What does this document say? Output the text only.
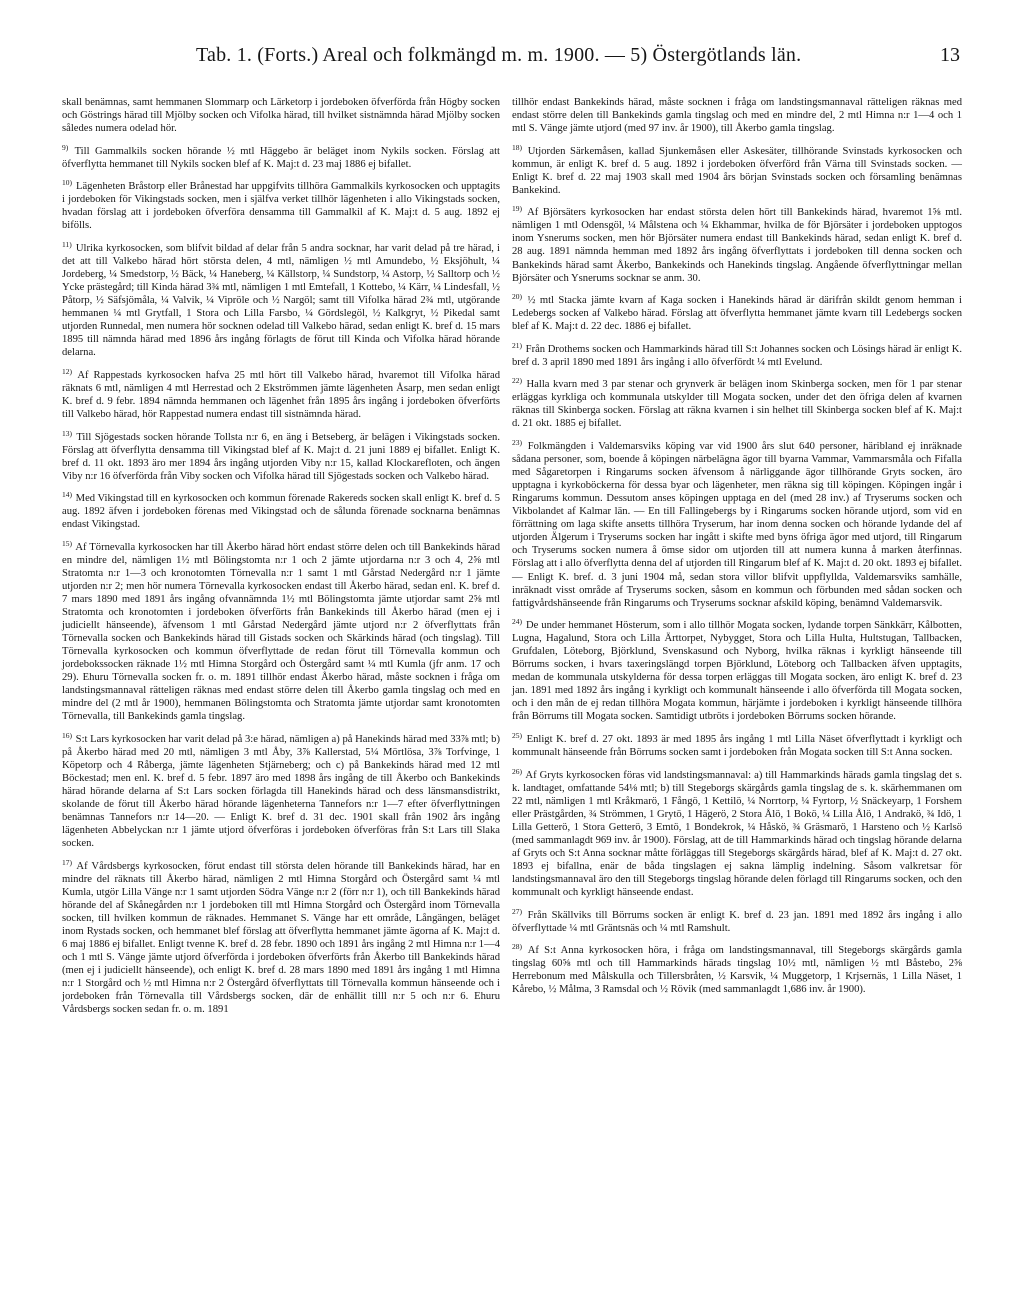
Tab. 1. (Forts.) Areal och folkmängd m. m. 1900. — 5) Östergötlands län.	13

skall benämnas, samt hemmanen Slommarp och Lärketorp i jordeboken öfverförda från Högby socken och Göstrings härad till Mjölby socken och Vifolka härad, till hvilket sistnämnda härad Mjölby socken således numera odelad hör.

$^{9)}$ Till Gammalkils socken hörande ½ mtl Häggebo är beläget inom Nykils socken. Förslag att öfverflytta hemmanet till Nykils socken blef af K. Maj:t d. 23 maj 1886 ej bifallet.

$^{10)}$ Lägenheten Bråstorp eller Brånestad har uppgifvits tillhöra Gammalkils kyrkosocken och upptagits i jordeboken för Vikingstads socken, men i själfva verket tillhör lägenheten i allo Vikingstads socken, hvadan förslag att i jordeboken öfverföra densamma till Gammalkil af K. Maj:t d. 5 aug. 1892 ej bifölls.

$^{11)}$ Ulrika kyrkosocken, som blifvit bildad af delar från 5 andra socknar, har varit delad på tre härad, i det att till Valkebo härad hört största delen, 4 mtl, nämligen ½ mtl Amundebo, ½ Eksjöhult, ¼ Jordeberg, ¼ Smedstorp, ½ Bäck, ¼ Haneberg, ¼ Källstorp, ¼ Sundstorp, ¼ Astorp, ½ Salltorp och ½ Ycke prästegård; till Kinda härad 3¾ mtl, nämligen 1 mtl Emtefall, 1 Kottebo, ¼ Kärr, ¼ Lindesfall, ½ Påtorp, ½ Säfsjömåla, ¼ Valvik, ¼ Vipröle och ½ Nargöl; samt till Vifolka härad 2¾ mtl, utgörande hemmanen ¼ mtl Grytfall, 1 Stora och Lilla Farsbo, ¼ Gördslegöl, ½ Kalkgryt, ½ Pikedal samt utjorden Runnedal, men numera hör socknen odelad till Valkebo härad, sedan enligt K. bref d. 15 mars 1895 till nämnda härad med 1896 års ingång förlagts de förut till Kinda och Vifolka härad hörande delarna.

$^{12)}$ Af Rappestads kyrkosocken hafva 25 mtl hört till Valkebo härad, hvaremot till Vifolka härad räknats 6 mtl, nämligen 4 mtl Herrestad och 2 Ekströmmen jämte lägenheten Åsarp, men sedan enligt K. bref d. 9 febr. 1894 nämnda hemmanen och lägenhet från 1895 års ingång i jordeboken öfverförts till Valkebo härad, hör Rappestad numera endast till sistnämnda härad.

$^{13)}$ Till Sjögestads socken hörande Tollsta n:r 6, en äng i Betseberg, är belägen i Vikingstads socken. Förslag att öfverflytta densamma till Vikingstad blef af K. Maj:t d. 21 juni 1889 ej bifallet. Enligt K. bref d. 11 okt. 1893 äro mer 1894 års ingång utjorden Viby n:r 15, kallad Klockarefloten, och ängen Viby n:r 16 öfverförda från Viby socken och Vifolka härad till Sjögestads socken och Valkebo härad.

$^{14)}$ Med Vikingstad till en kyrkosocken och kommun förenade Rakereds socken skall enligt K. bref d. 5 aug. 1892 äfven i jordeboken förenas med Vikingstad och de sålunda förenade socknarna benämnas endast Vikingstad.

$^{15)}$ Af Törnevalla kyrkosocken har till Åkerbo härad hört endast större delen och till Bankekinds härad en mindre del, nämligen 1½ mtl Bölingstomta n:r 1 och 2 jämte utjordarna n:r 3 och 4, 2⅝ mtl Stratomta n:r 1—3 och kronotomten Törnevalla n:r 1 samt 1 mtl Gårstad Nedergård n:r 1 jämte utjorden n:r 2; men hör numera Törnevalla kyrkosocken endast till Åkerbo härad, sedan enl. K. bref d. 7 mars 1890 med 1891 års ingång ofvannämnda 1½ mtl Bölingstomta jämte utjordar samt 2⅝ mtl Stratomta och kronotomten i jordeboken öfverförts från Bankekinds till Åkerbo härad (men ej i judiciellt hänseende), äfvensom 1 mtl Gårstad Nedergård jämte utjord n:r 2 öfverflyttats från Törnevalla socken och Bankekinds härad till Gistads socken och Skärkinds härad (och tingslag). Till Törnevalla kyrkosocken och kommun öfverflyttade de redan förut till Törnevalla kommun och jordebokssocken räknade 1½ mtl Himna Storgård och Östergård samt ¼ mtl Kumla (jfr anm. 17 och 29). Ehuru Törnevalla socken fr. o. m. 1891 tillhör endast Åkerbo härad, måste socknen i fråga om landstingsmannaval rätteligen räknas med endast större delen till Åkerbo gamla tingslag och med en mindre del (2 mtl år 1900), hemmanen Bölingstomta och Stratomta jämte utjordar samt kronotomten Törnevalla, till Bankekinds gamla tingslag.

$^{16)}$ S:t Lars kyrkosocken har varit delad på 3:e härad, nämligen a) på Hanekinds härad med 33⅞ mtl; b) på Åkerbo härad med 20 mtl, nämligen 3 mtl Åby, 3⅞ Kallerstad, 5¼ Mörtlösa, 3⅞ Torfvinge, 1 Köpetorp och 4 Råberga, jämte lägenheten Stjärneberg; och c) på Bankekinds härad med 12 mtl Böckestad; men enl. K. bref d. 5 febr. 1897 äro med 1898 års ingång de till Åkerbo och Bankekinds härad hörande delarna af S:t Lars socken förlagda till Hanekinds härad och dess länsmansdistrikt, skolande de förut till Åkerbo härad hörande lägenheterna Tannefors n:r 1—7 efter öfverflyttningen benämnas Tannefors n:r 14—20. — Enligt K. bref d. 31 dec. 1901 skall från 1902 års ingång lägenheten Abbelyckan n:r 1 jämte utjord öfverföras i jordeboken öfverföras från S:t Lars till Slaka socken.

$^{17)}$ Af Vårdsbergs kyrkosocken, förut endast till största delen hörande till Bankekinds härad, har en mindre del räknats till Åkerbo härad, nämligen 2 mtl Himna Storgård och Östergård samt ¼ mtl Kumla, utgör Lilla Vänge n:r 1 samt utjorden Södra Vänge n:r 2 (förr n:r 1), och till Bankekinds härad hörande del af Skånegården n:r 1 jordeboken till mtl Himna Storgård och Östergård inom Törnevalla socken, till hvilken kommun de räknades. Hemmanet S. Vänge har ett område, Långängen, beläget inom Rystads socken, och hemmanet blef förslag att öfverflytta hemmanet jämte ägorna af K. Maj:t d. 6 maj 1886 ej bifallet. Enligt tvenne K. bref d. 28 febr. 1890 och 1891 års ingång 2 mtl Himna n:r 1—4 och 1 mtl S. Vänge jämte utjord öfverförda i jordeboken öfverförts från Åkerbo till Bankekinds härad (men ej i judiciellt hänseende), och enligt K. bref d. 28 mars 1890 med 1891 års ingång 1 mtl Himna n:r 1 Storgård och ½ mtl Himna n:r 2 Östergård öfverflyttats till Törnevalla kommun hänseende och i jordeboken från Törnevalla till Vårdsbergs socken, där de enhällit tilll n:r 5 och n:r 6. Ehuru Vårdsbergs socken sedan fr. o. m. 1891

tillhör endast Bankekinds härad, måste socknen i fråga om landstingsmannaval rätteligen räknas med endast större delen till Bankekinds gamla tingslag och med en mindre del, 2 mtl Himna n:r 1—4 och 1 mtl S. Vänge jämte utjord (med 97 inv. år 1900), till Åkerbo gamla tingslag.

$^{18)}$ Utjorden Särkemåsen, kallad Sjunkemåsen eller Askesäter, tillhörande Svinstads kyrkosocken och kommun, är enligt K. bref d. 5 aug. 1892 i jordeboken öfverförd från Värna till Svinstads socken. — Enligt K. bref d. 22 maj 1903 skall med 1904 års början Svinstads socken och församling benämnas Bankekind.

$^{19)}$ Af Björsäters kyrkosocken har endast största delen hört till Bankekinds härad, hvaremot 1⅝ mtl. nämligen 1 mtl Odensgöl, ¼ Målstena och ¼ Ekhammar, hvilka de för Björsäter i jordeboken upptogos inom Ysnerums socken, men hör Björsäter numera endast till Bankekinds härad, sedan enligt K. bref d. 28 aug. 1891 nämnda hemman med 1892 års ingång öfverflyttats i jordeboken till denna socken och Bankekinds härad samt Åkerbo, Bankekinds och Hanekinds tingslag. Angående öfverflyttningar mellan Björsäter och Ysnerums socknar se anm. 30.

$^{20)}$ ½ mtl Stacka jämte kvarn af Kaga socken i Hanekinds härad är därifrån skildt genom hemman i Ledebergs socken af Valkebo härad. Förslag att öfverflytta hemmanet jämte kvarn till Ledebergs socken blef af K. Maj:t d. 22 dec. 1886 ej bifallet.

$^{21)}$ Från Drothems socken och Hammarkinds härad till S:t Johannes socken och Lösings härad är enligt K. bref d. 3 april 1890 med 1891 års ingång i allo öfverfördt ¼ mtl Evelund.

$^{22)}$ Halla kvarn med 3 par stenar och grynverk är belägen inom Skinberga socken, men för 1 par stenar erläggas kyrkliga och kommunala utskylder till Mogata socken, under det den öfriga delen af kvarnen räknas till Skinberga socken. Förslag att räkna kvarnen i sin helhet till Skinberga socken blef af K. Maj:t d. 21 okt. 1885 ej bifallet.

$^{23)}$ Folkmängden i Valdemarsviks köping var vid 1900 års slut 640 personer, häribland ej inräknade sådana personer, som, boende å köpingen närbelägna ägor till byarna Vammar, Vammarsmåla och Fifalla med Sågaretorpen i Ringarums socken äfvensom å närliggande ägor tillhörande Gryts socken, äro upptagna i kyrkoböckerna för dessa byar och lägenheter, men räkna sig till köpingen. Köpingen ingår i Ringarums kommun. Dessutom anses köpingen upptaga en del (med 28 inv.) af Tryserums socken och Vikbolandet af Kalmar län. — En till Fallingebergs by i Ringarums socken hörande utjord, som vid en förrättning om laga skifte ansetts tillhöra Tryserum, har inom denna socken och hörande lydande del af utjorden Älgerum i Tryserums socken har ingått i skifte med byns öfriga ägor med utjord, till Ringarum och Tryserums socken numera å ömse sidor om utjorden till att numera kunna å marken återfinnas. Förslag att i allo öfverflytta denna del af utjorden till Ringarum blef af K. Maj:t d. 20 okt. 1893 ej bifallet. — Enligt K. bref. d. 3 juni 1904 må, sedan stora villor blifvit uppflyllda, Valdemarsviks samhälle, inräknadt visst område af Tryserums socken, såsom en kommun och förbunden med sådan socken och fattigvårdshänseende från Ringarums och Tryserums socknar afskild köping, benämnd Valdemarsvik.

$^{24)}$ De under hemmanet Hösterum, som i allo tillhör Mogata socken, lydande torpen Sänkkärr, Kålbotten, Lugna, Hagalund, Stora och Lilla Ärttorpet, Nybygget, Stora och Lilla Hulta, Hultstugan, Tallbacken, Grufdalen, Löteborg, Björklund, Svenskasund och Nyborg, hvilka räknas i kyrkligt hänseende till Börrums socken, i hvars taxeringslängd torpen Björklund, Löteborg och Tallbacken äfven upptagits, medan de kommunala utskylderna för dessa torpen erläggas till Mogata socken, äro enligt K. bref d. 23 jan. 1891 med 1892 års ingång i kyrkligt och kommunalt hänseende i allo öfverförda till Mogata socken, och i den mån de ej redan tillhöra Mogata kommun, härjämte i jordeboken i kyrkligt hänseende tillhöra från Börrums till Mogata socken. Samtidigt utbröts i jordeboken Börrums socken hörande.

$^{25)}$ Enligt K. bref d. 27 okt. 1893 är med 1895 års ingång 1 mtl Lilla Näset öfverflyttadt i kyrkligt och kommunalt hänseende från Börrums socken samt i jordeboken från Mogata socken till S:t Anna socken.

$^{26)}$ Af Gryts kyrkosocken föras vid landstingsmannaval: a) till Hammarkinds härads gamla tingslag det s. k. landtaget, omfattande 54⅛ mtl; b) till Stegeborgs skärgårds gamla tingslag de s. k. skärhemmanen om 22 mtl, nämligen 1 mtl Kråkmarö, 1 Fångö, 1 Kettilö, ¼ Norrtorp, ¼ Fyrtorp, ½ Snäckeyarp, 1 Forshem eller Prästgården, ¾ Strömmen, 1 Grytö, 1 Hägerö, 2 Stora Ålö, 1 Bokö, ¼ Lilla Ålö, 1 Andrakö, ¾ Idö, 1 Lilla Getterö, 1 Stora Getterö, 3 Emtö, 1 Bondekrok, ¼ Håskö, ¾ Gräsmarö, 1 Harsteno och ½ Karlsö (med sammanlagdt 969 inv. år 1900). Förslag, att de till Hammarkinds härad och tingslag hörande delarna af Gryts och S:t Anna socknar måtte förläggas till Stegeborgs skärgårds härad, blef af K. Maj:t d. 27 okt. 1893 ej bifallna, enär de båda tingslagen ej sakna lämplig indelning. Såsom valkretsar för landstingsmannaval äro den till Stegeborgs tingslag hörande delen förlagd till Ringarums socken, och den kommunalt och kyrkligt hänseende endast.

$^{27)}$ Från Skällviks till Börrums socken är enligt K. bref d. 23 jan. 1891 med 1892 års ingång i allo öfverflyttade ¼ mtl Gräntsnäs och ¼ mtl Ramshult.

$^{28)}$ Af S:t Anna kyrkosocken höra, i fråga om landstingsmannaval, till Stegeborgs skärgårds gamla tingslag 60⅝ mtl och till Hammarkinds härads tingslag 10½ mtl, nämligen ½ mtl Båstebo, 2⅝ Herrebonum med Målskulla och Tillersbråten, ½ Karsvik, ¼ Muggetorp, 1 Krjsernäs, 1 Lilla Näset, 1 Kårebo, ½ Målma, 3 Ramsdal och ½ Rövik (med sammanlagdt 1,686 inv. år 1900).
